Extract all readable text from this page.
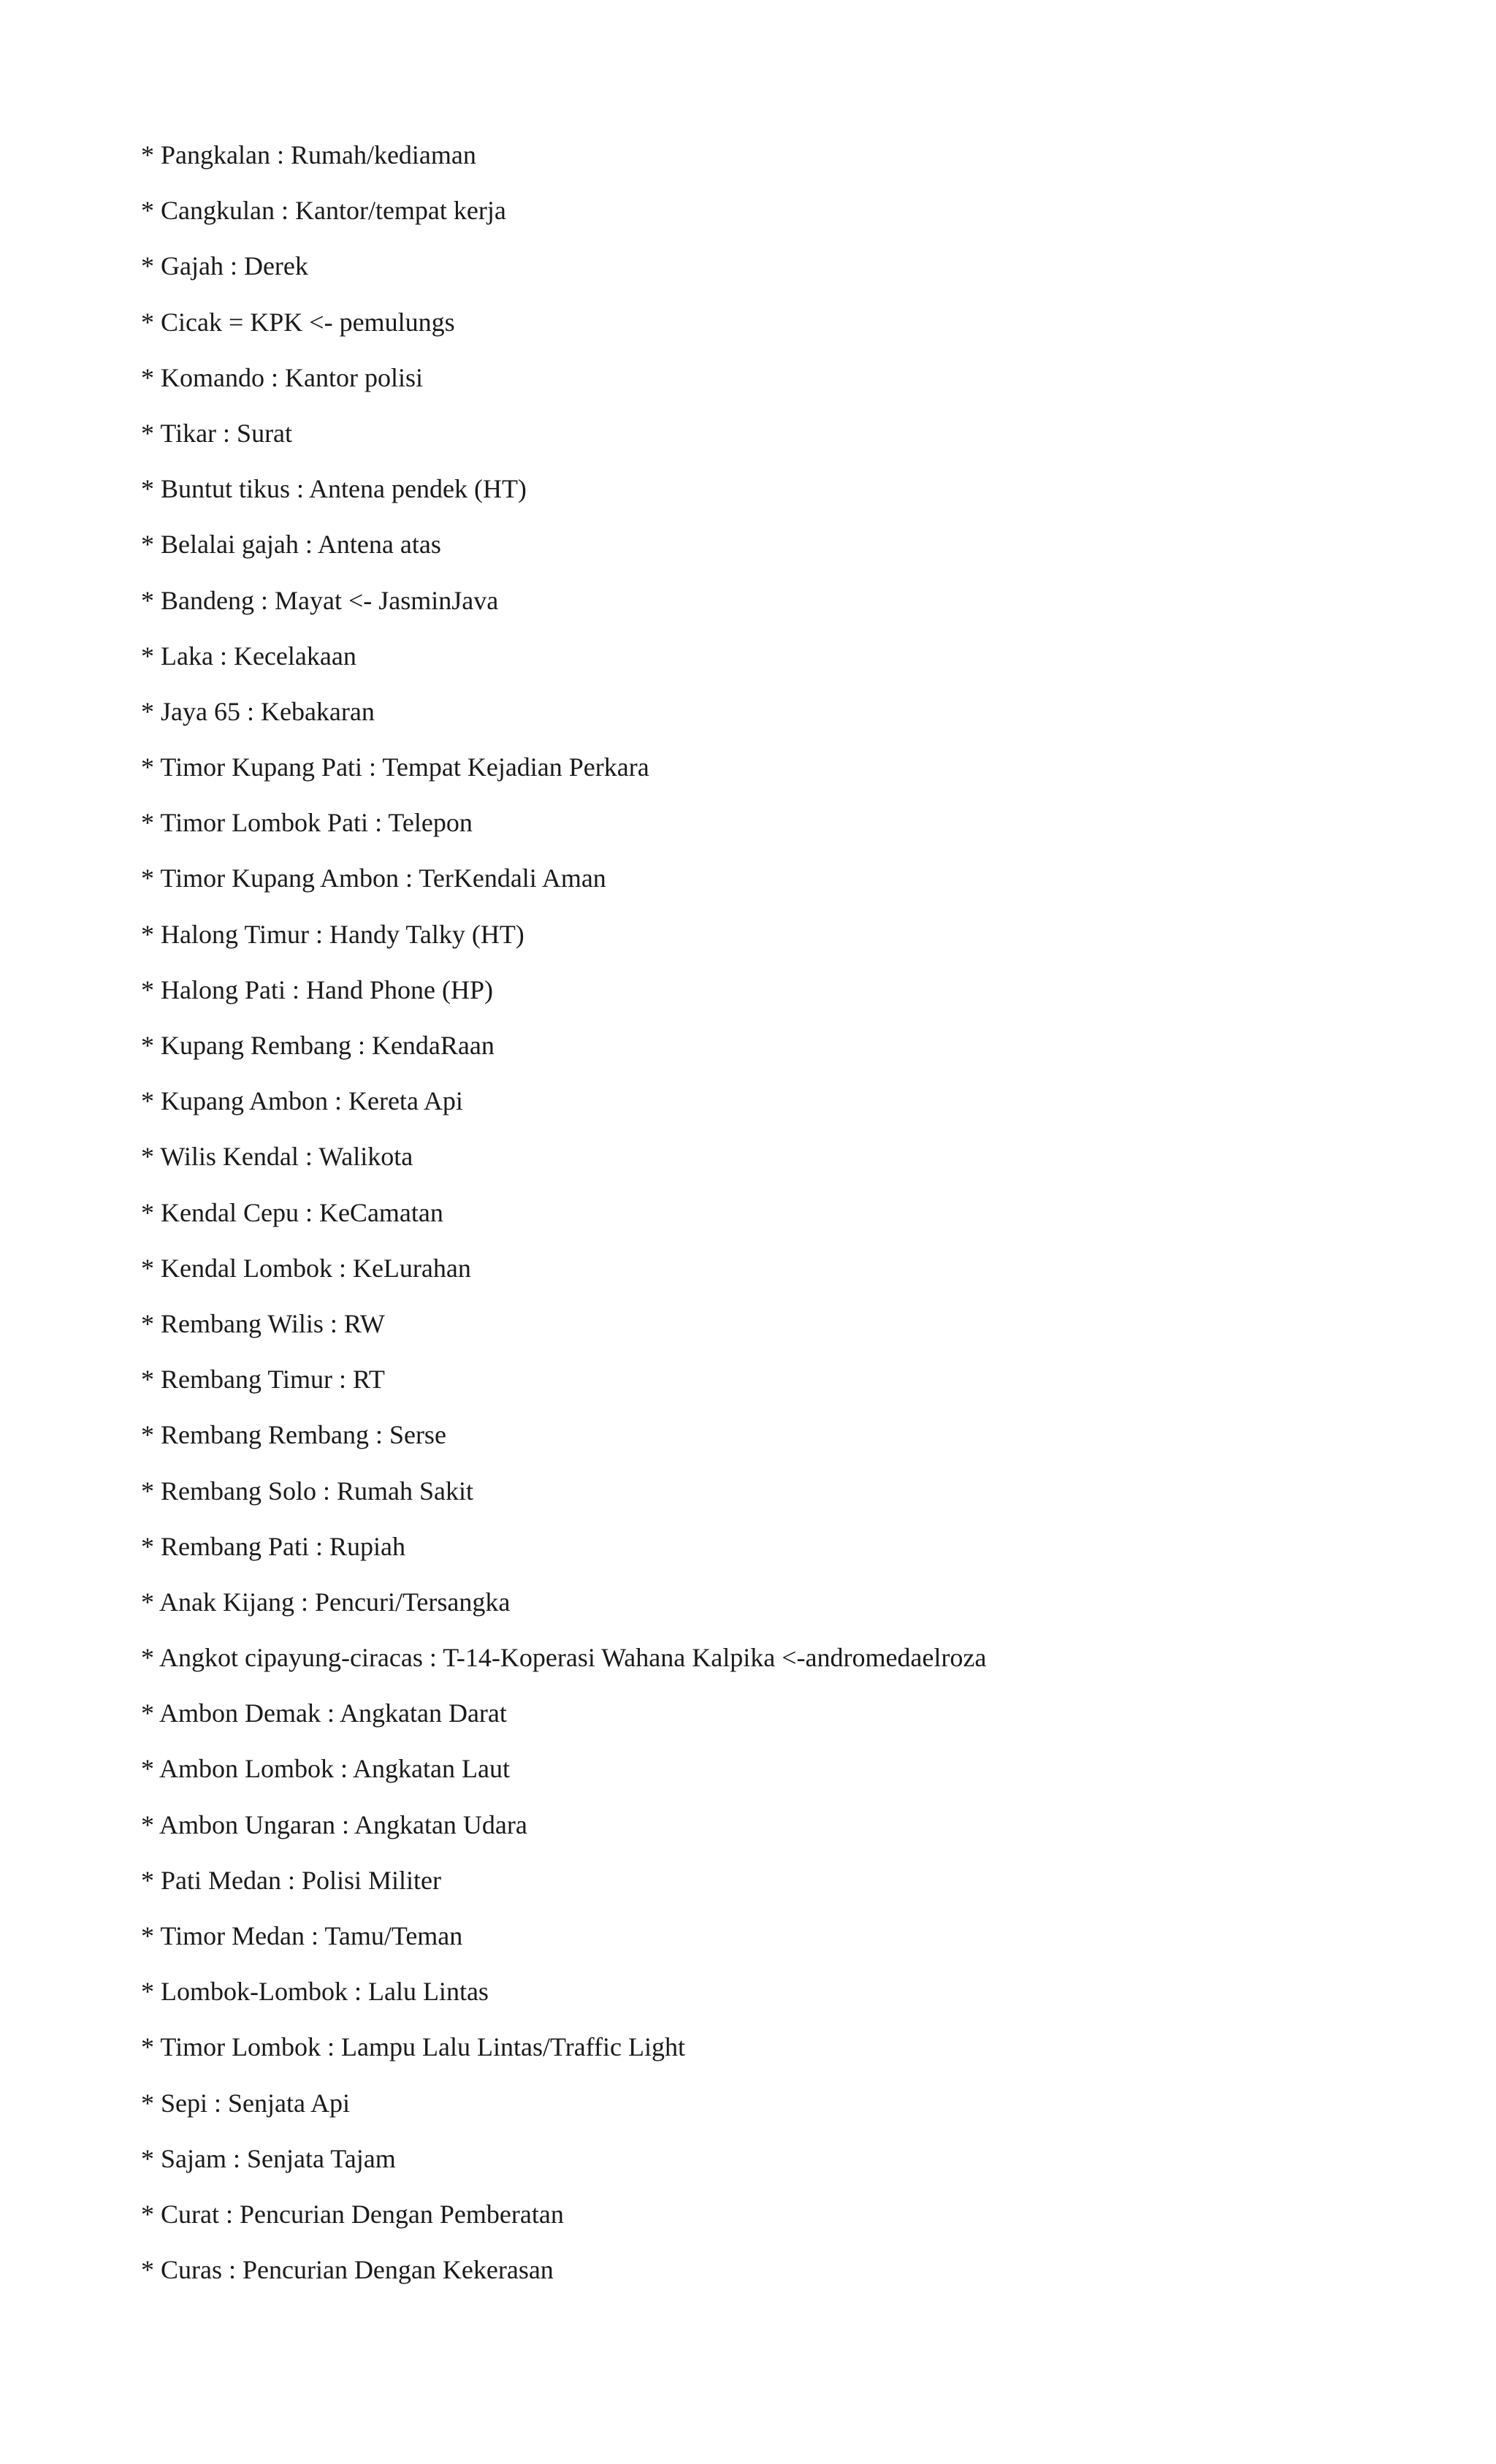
* Pangkalan : Rumah/kediaman
* Cangkulan : Kantor/tempat kerja
* Gajah : Derek
* Cicak = KPK <- pemulungs
* Komando : Kantor polisi
* Tikar : Surat
* Buntut tikus : Antena pendek (HT)
* Belalai gajah : Antena atas
* Bandeng : Mayat <- JasminJava
* Laka : Kecelakaan
* Jaya 65 : Kebakaran
* Timor Kupang Pati : Tempat Kejadian Perkara
* Timor Lombok Pati : Telepon
* Timor Kupang Ambon : TerKendali Aman
* Halong Timur : Handy Talky (HT)
* Halong Pati : Hand Phone (HP)
* Kupang Rembang : KendaRaan
* Kupang Ambon : Kereta Api
* Wilis Kendal : Walikota
* Kendal Cepu : KeCamatan
* Kendal Lombok : KeLurahan
* Rembang Wilis : RW
* Rembang Timur : RT
* Rembang Rembang : Serse
* Rembang Solo : Rumah Sakit
* Rembang Pati : Rupiah
* Anak Kijang : Pencuri/Tersangka
* Angkot cipayung-ciracas : T-14-Koperasi Wahana Kalpika <-andromedaelroza
* Ambon Demak : Angkatan Darat
* Ambon Lombok : Angkatan Laut
* Ambon Ungaran : Angkatan Udara
* Pati Medan : Polisi Militer
* Timor Medan : Tamu/Teman
* Lombok-Lombok : Lalu Lintas
* Timor Lombok : Lampu Lalu Lintas/Traffic Light
* Sepi : Senjata Api
* Sajam : Senjata Tajam
* Curat : Pencurian Dengan Pemberatan
* Curas : Pencurian Dengan Kekerasan
